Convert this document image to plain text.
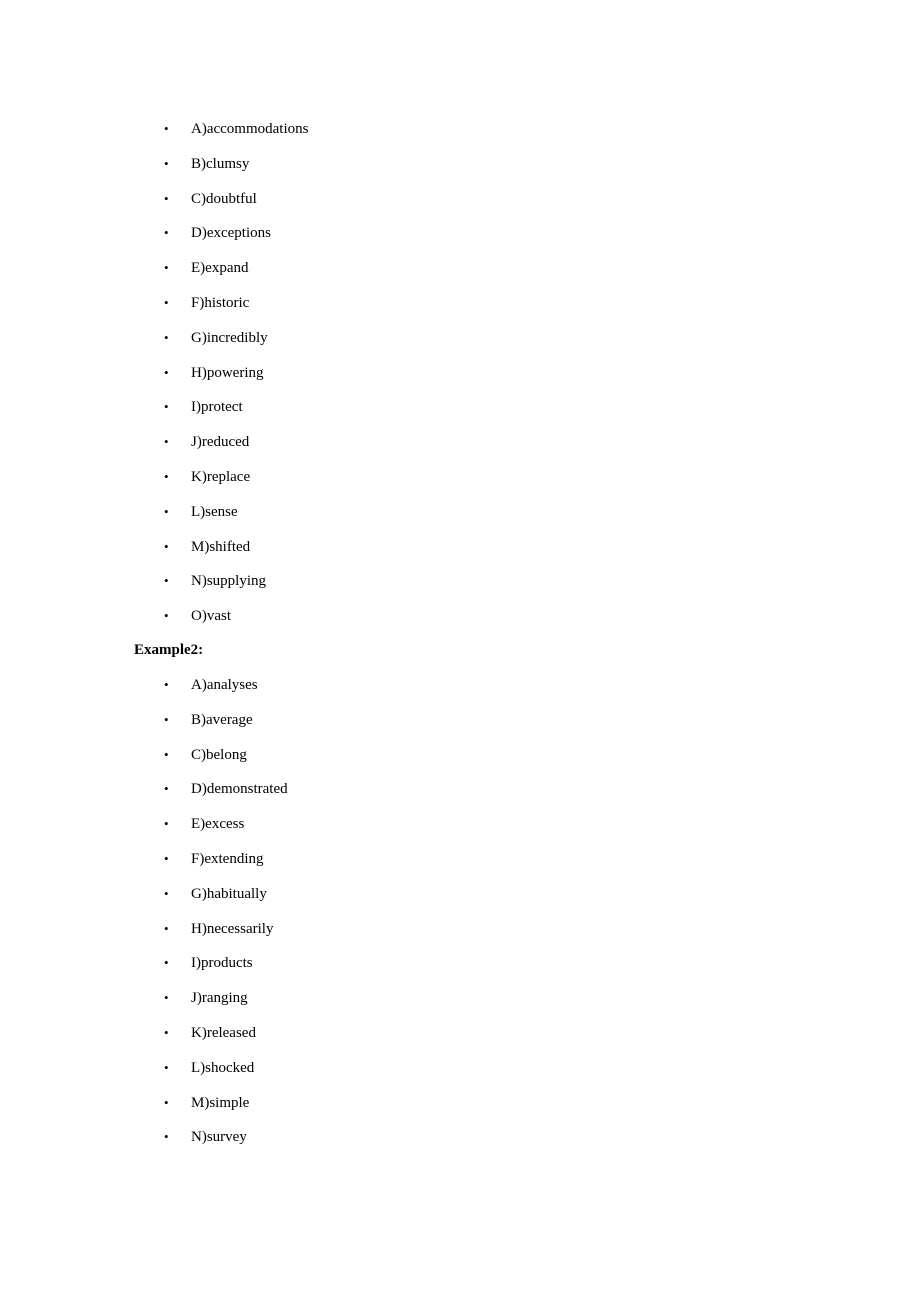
• A)accommodations
• B)clumsy
• C)doubtful
• D)exceptions
• E)expand
• F)historic
• G)incredibly
• H)powering
• I)protect
• J)reduced
• K)replace
• L)sense
• M)shifted
• N)supplying
• O)vast

Example2:

• A)analyses
• B)average
• C)belong
• D)demonstrated
• E)excess
• F)extending
• G)habitually
• H)necessarily
• I)products
• J)ranging
• K)released
• L)shocked
• M)simple
• N)survey
